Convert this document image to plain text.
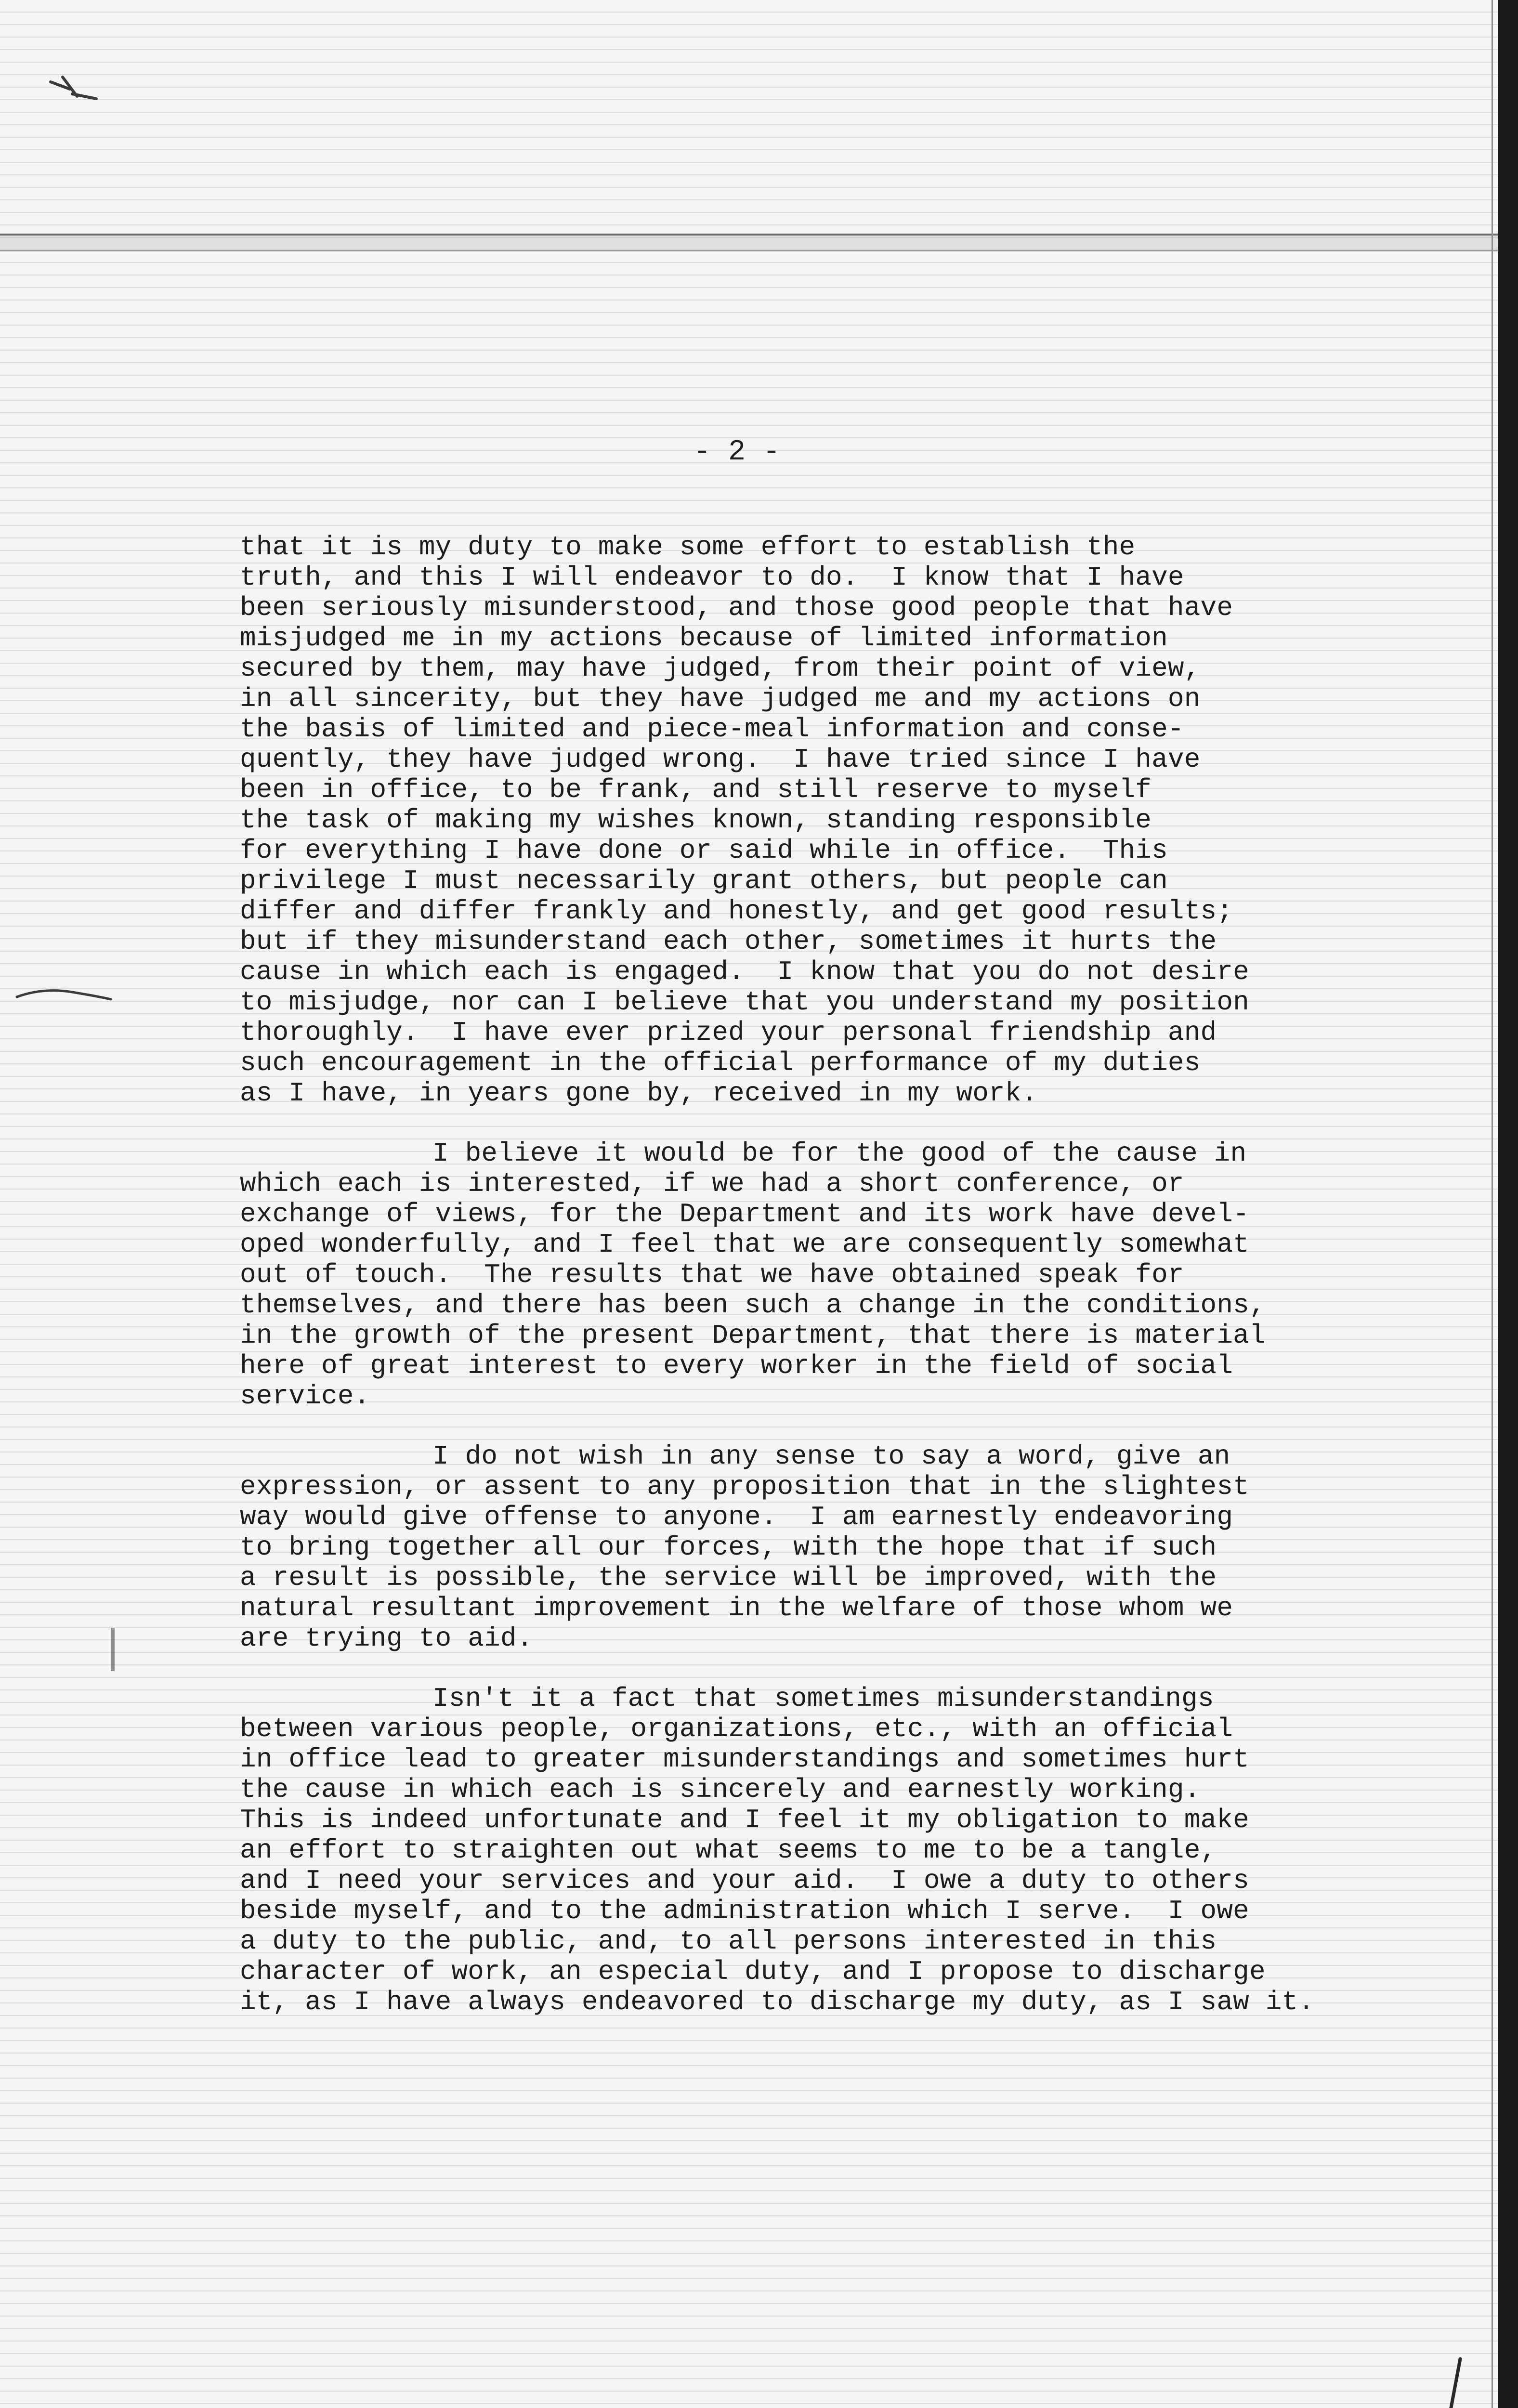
- 2 -
that it is my duty to make some effort to establish the
truth, and this I will endeavor to do.  I know that I have
been seriously misunderstood, and those good people that have
misjudged me in my actions because of limited information
secured by them, may have judged, from their point of view,
in all sincerity, but they have judged me and my actions on
the basis of limited and piece-meal information and conse-
quently, they have judged wrong.  I have tried since I have
been in office, to be frank, and still reserve to myself
the task of making my wishes known, standing responsible
for everything I have done or said while in office.  This
privilege I must necessarily grant others, but people can
differ and differ frankly and honestly, and get good results;
but if they misunderstand each other, sometimes it hurts the
cause in which each is engaged.  I know that you do not desire
to misjudge, nor can I believe that you understand my position
thoroughly.  I have ever prized your personal friendship and
such encouragement in the official performance of my duties
as I have, in years gone by, received in my work.
I believe it would be for the good of the cause in
which each is interested, if we had a short conference, or
exchange of views, for the Department and its work have devel-
oped wonderfully, and I feel that we are consequently somewhat
out of touch.  The results that we have obtained speak for
themselves, and there has been such a change in the conditions,
in the growth of the present Department, that there is material
here of great interest to every worker in the field of social
service.
I do not wish in any sense to say a word, give an
expression, or assent to any proposition that in the slightest
way would give offense to anyone.  I am earnestly endeavoring
to bring together all our forces, with the hope that if such
a result is possible, the service will be improved, with the
natural resultant improvement in the welfare of those whom we
are trying to aid.
Isn't it a fact that sometimes misunderstandings
between various people, organizations, etc., with an official
in office lead to greater misunderstandings and sometimes hurt
the cause in which each is sincerely and earnestly working.
This is indeed unfortunate and I feel it my obligation to make
an effort to straighten out what seems to me to be a tangle,
and I need your services and your aid.  I owe a duty to others
beside myself, and to the administration which I serve.  I owe
a duty to the public, and, to all persons interested in this
character of work, an especial duty, and I propose to discharge
it, as I have always endeavored to discharge my duty, as I saw it.
